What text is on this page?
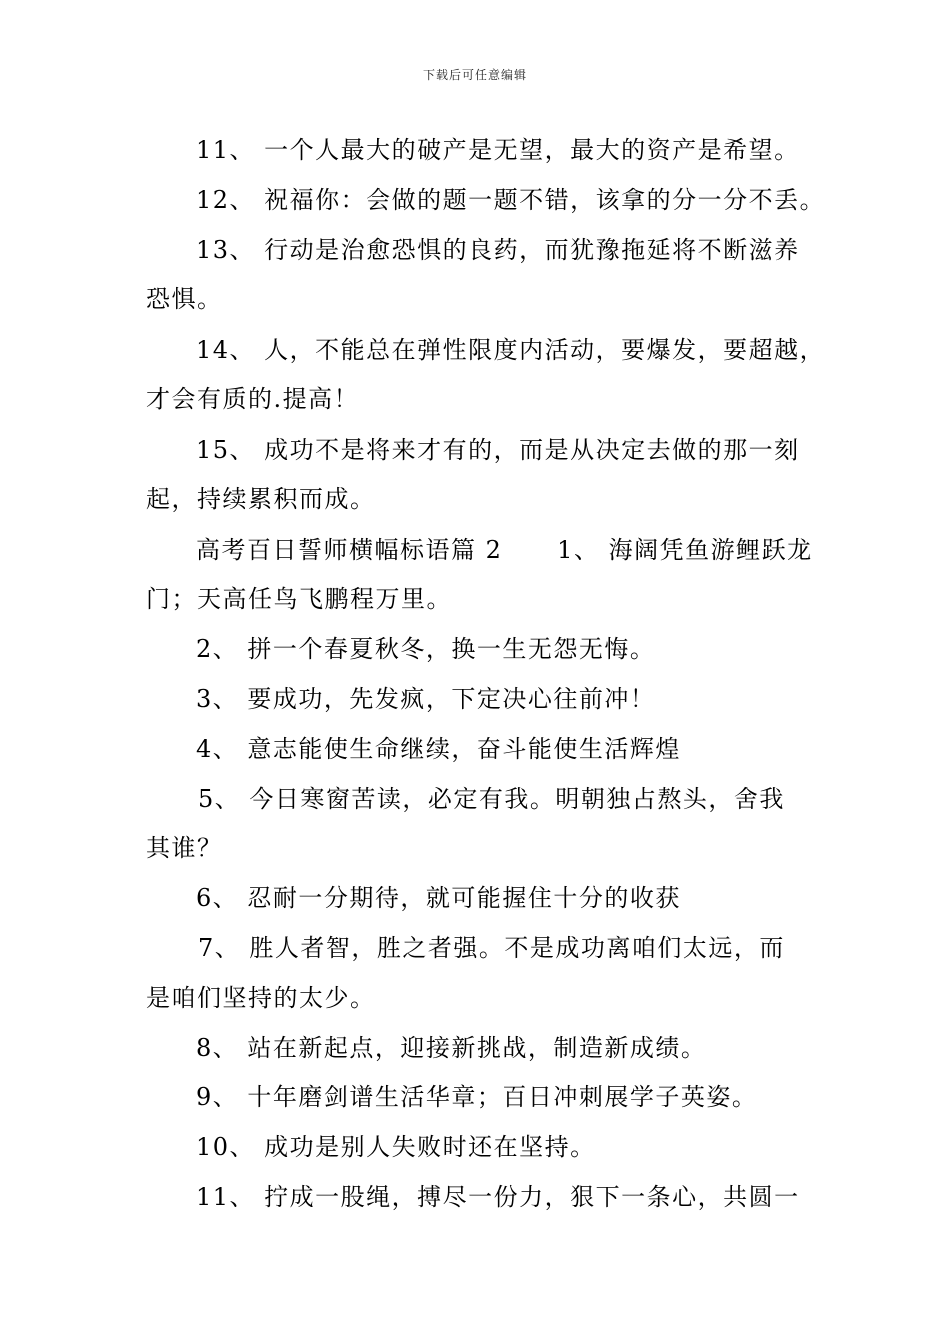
下载后可任意编辑
11、 一个人最大的破产是无望，最大的资产是希望。
12、 祝福你：会做的题一题不错，该拿的分一分不丢。
13、 行动是治愈恐惧的良药，而犹豫拖延将不断滋养
恐惧。
14、 人，不能总在弹性限度内活动，要爆发，要超越，
才会有质的.提高！
15、 成功不是将来才有的，而是从决定去做的那一刻
起，持续累积而成。
高考百日誓师横幅标语篇 2      1、 海阔凭鱼游鲤跃龙
门；天高任鸟飞鹏程万里。
2、 拼一个春夏秋冬，换一生无怨无悔。
3、 要成功，先发疯，下定决心往前冲！
4、 意志能使生命继续，奋斗能使生活辉煌
5、 今日寒窗苦读，必定有我。明朝独占熬头，舍我
其谁？
6、 忍耐一分期待，就可能握住十分的收获
7、 胜人者智，胜之者强。不是成功离咱们太远，而
是咱们坚持的太少。
8、 站在新起点，迎接新挑战，制造新成绩。
9、 十年磨剑谱生活华章；百日冲刺展学子英姿。
10、 成功是别人失败时还在坚持。
11、 拧成一股绳，搏尽一份力，狠下一条心，共圆一
